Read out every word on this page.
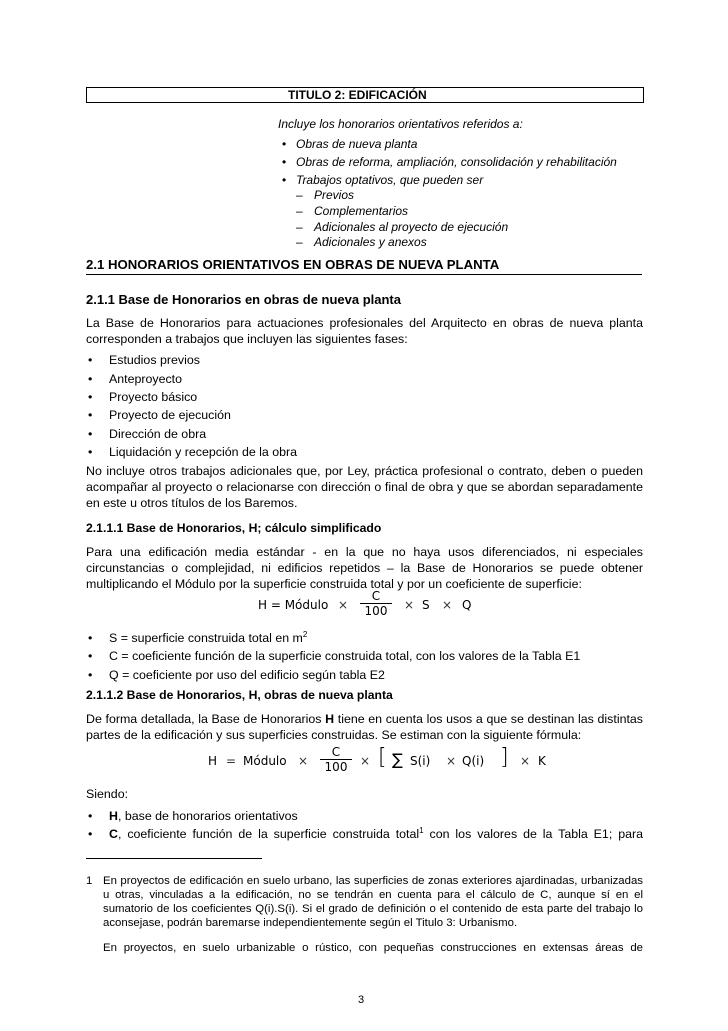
TITULO 2: EDIFICACIÓN
Incluye los honorarios orientativos referidos a:
• Obras de nueva planta
• Obras de reforma, ampliación, consolidación y rehabilitación
• Trabajos optativos, que pueden ser
– Previos
– Complementarios
– Adicionales al proyecto de ejecución
– Adicionales y anexos
2.1 HONORARIOS ORIENTATIVOS EN OBRAS DE NUEVA PLANTA
2.1.1 Base de Honorarios en obras de nueva planta
La Base de Honorarios para actuaciones profesionales del Arquitecto en obras de nueva planta corresponden a trabajos que incluyen las siguientes fases:
• Estudios previos
• Anteproyecto
• Proyecto básico
• Proyecto de ejecución
• Dirección de obra
• Liquidación y recepción de la obra
No incluye otros trabajos adicionales que, por Ley, práctica profesional o contrato, deben o pueden acompañar al proyecto o relacionarse con dirección o final de obra y que se abordan separadamente en este u otros títulos de los Baremos.
2.1.1.1 Base de Honorarios, H; cálculo simplificado
Para una edificación media estándar - en la que no haya usos diferenciados, ni especiales circunstancias o complejidad, ni edificios repetidos – la Base de Honorarios se puede obtener multiplicando el Módulo por la superficie construida total y por un coeficiente de superficie:
H = Módulo ×
C
100	× S × Q
• S = superficie construida total en $m^2$
• C = coeficiente función de la superficie construida total, con los valores de la Tabla E1
• Q = coeficiente por uso del edificio según tabla E2
2.1.1.2 Base de Honorarios, H, obras de nueva planta
De forma detallada, la Base de Honorarios H tiene en cuenta los usos a que se destinan las distintas partes de la edificación y sus superficies construidas. Se estiman con la siguiente fórmula:
H = Módulo ×
C
100	× [ ∑ S(i) × Q(i) ] × K
Siendo:
• H, base de honorarios orientativos
• C, coeficiente función de la superficie construida total$^1$ con los valores de la Tabla E1; para
1 En proyectos de edificación en suelo urbano, las superficies de zonas exteriores ajardinadas, urbanizadas u otras, vinculadas a la edificación, no se tendrán en cuenta para el cálculo de C, aunque sí en el sumatorio de los coeficientes Q(i).S(i). Si el grado de definición o el contenido de esta parte del trabajo lo aconsejase, podrán baremarse independientemente según el Titulo 3: Urbanismo.
En proyectos, en suelo urbanizable o rústico, con pequeñas construcciones en extensas áreas de
3
